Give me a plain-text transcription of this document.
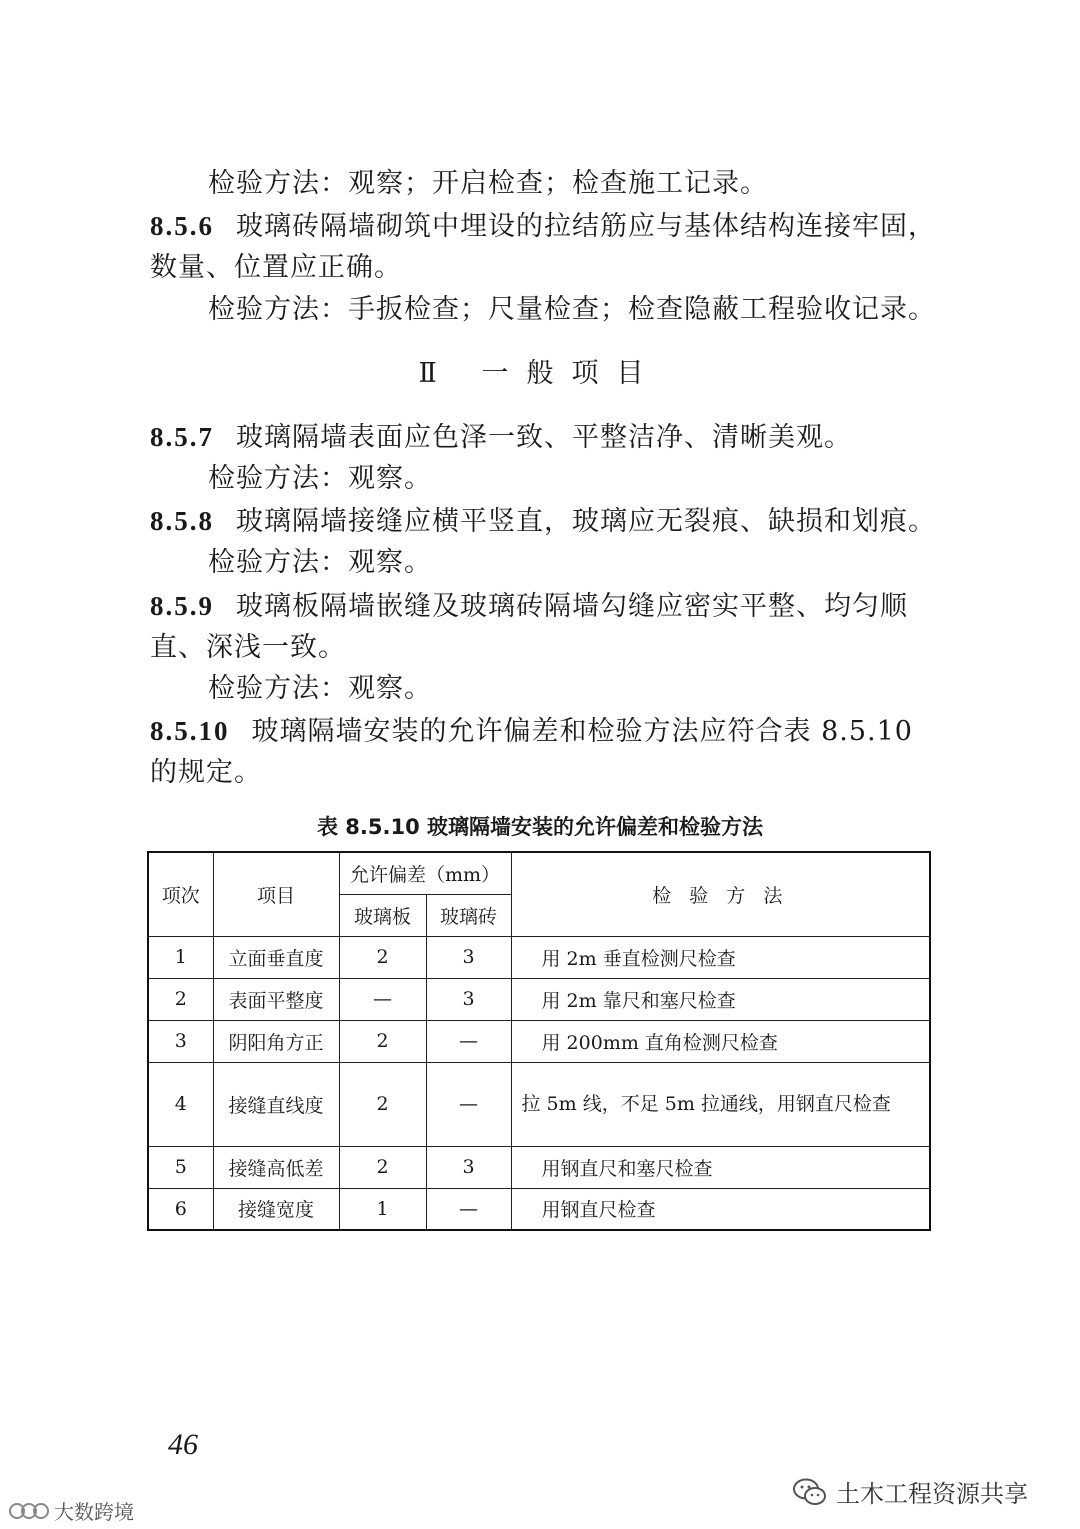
检验方法：观察；开启检查；检查施工记录。
8.5.6 玻璃砖隔墙砌筑中埋设的拉结筋应与基体结构连接牢固，
数量、位置应正确。
检验方法：手扳检查；尺量检查；检查隐蔽工程验收记录。
Ⅱ 一般项目
8.5.7 玻璃隔墙表面应色泽一致、平整洁净、清晰美观。
检验方法：观察。
8.5.8 玻璃隔墙接缝应横平竖直，玻璃应无裂痕、缺损和划痕。
检验方法：观察。
8.5.9 玻璃板隔墙嵌缝及玻璃砖隔墙勾缝应密实平整、均匀顺
直、深浅一致。
检验方法：观察。
8.5.10 玻璃隔墙安装的允许偏差和检验方法应符合表 8.5.10
的规定。
表 8.5.10 玻璃隔墙安装的允许偏差和检验方法
项次	项目	允许偏差（mm）		检 验 方 法
		玻璃板	玻璃砖	
1	立面垂直度	2	3	用 2m 垂直检测尺检查
2	表面平整度	—	3	用 2m 靠尺和塞尺检查
3	阴阳角方正	2	—	用 200mm 直角检测尺检查
4	接缝直线度	2	—	拉 5m 线，不足 5m 拉通线，用钢直尺检查
5	接缝高低差	2	3	用钢直尺和塞尺检查
6	接缝宽度	1	—	用钢直尺检查
46
土木工程资源共享
大数跨境
